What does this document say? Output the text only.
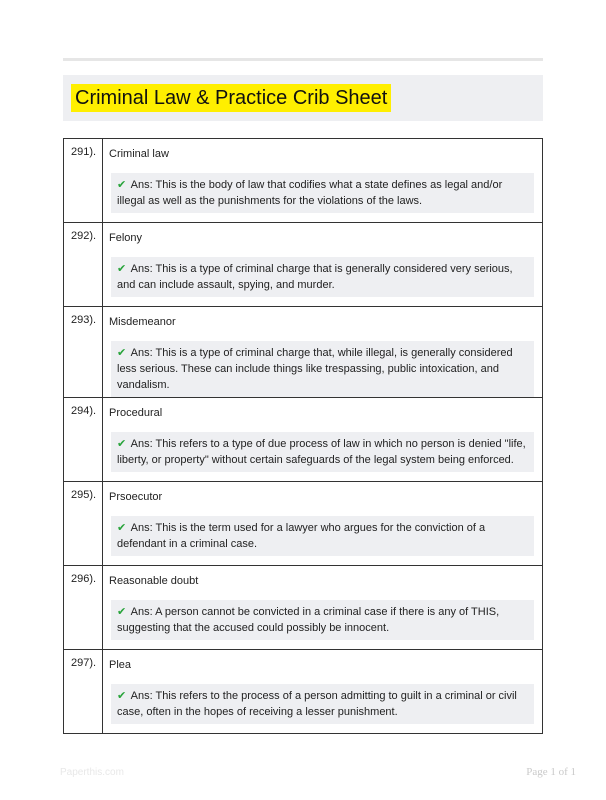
Criminal Law & Practice Crib Sheet
291).	Criminal law
✔ Ans: This is the body of law that codifies what a state defines as legal and/or illegal as well as the punishments for the violations of the laws.

292).	Felony
✔ Ans: This is a type of criminal charge that is generally considered very serious, and can include assault, spying, and murder.

293).	Misdemeanor
✔ Ans: This is a type of criminal charge that, while illegal, is generally considered less serious. These can include things like trespassing, public intoxication, and vandalism.

294).	Procedural
✔ Ans: This refers to a type of due process of law in which no person is denied "life, liberty, or property" without certain safeguards of the legal system being enforced.

295).	Prsoecutor
✔ Ans: This is the term used for a lawyer who argues for the conviction of a defendant in a criminal case.

296).	Reasonable doubt
✔ Ans: A person cannot be convicted in a criminal case if there is any of THIS, suggesting that the accused could possibly be innocent.

297).	Plea
✔ Ans: This refers to the process of a person admitting to guilt in a criminal or civil case, often in the hopes of receiving a lesser punishment.
Paperthis.com	Page 1 of 1
